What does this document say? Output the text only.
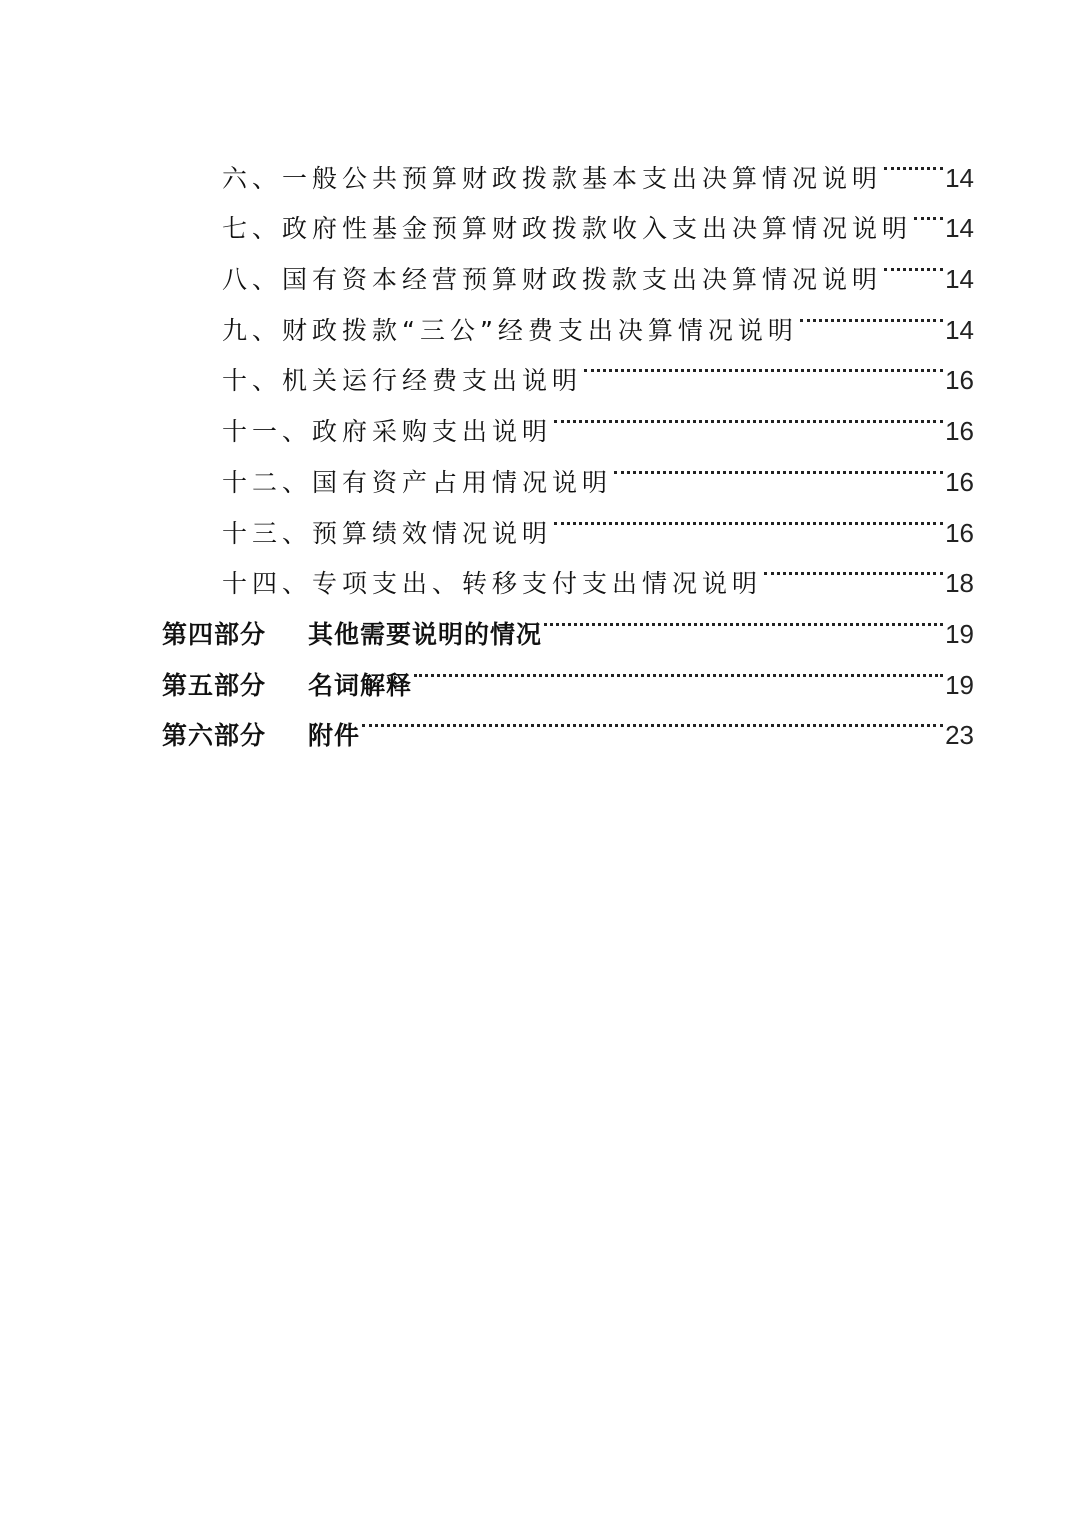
六、一般公共预算财政拨款基本支出决算情况说明 14
七、政府性基金预算财政拨款收入支出决算情况说明 14
八、国有资本经营预算财政拨款支出决算情况说明 14
九、财政拨款“三公”经费支出决算情况说明	14
十、机关运行经费支出说明	16
十一、政府采购支出说明	16
十二、国有资产占用情况说明	16
十三、预算绩效情况说明	16
十四、专项支出、转移支付支出情况说明	18
第四部分	其他需要说明的情况	19
第五部分	名词解释	19
第六部分	附件	23
